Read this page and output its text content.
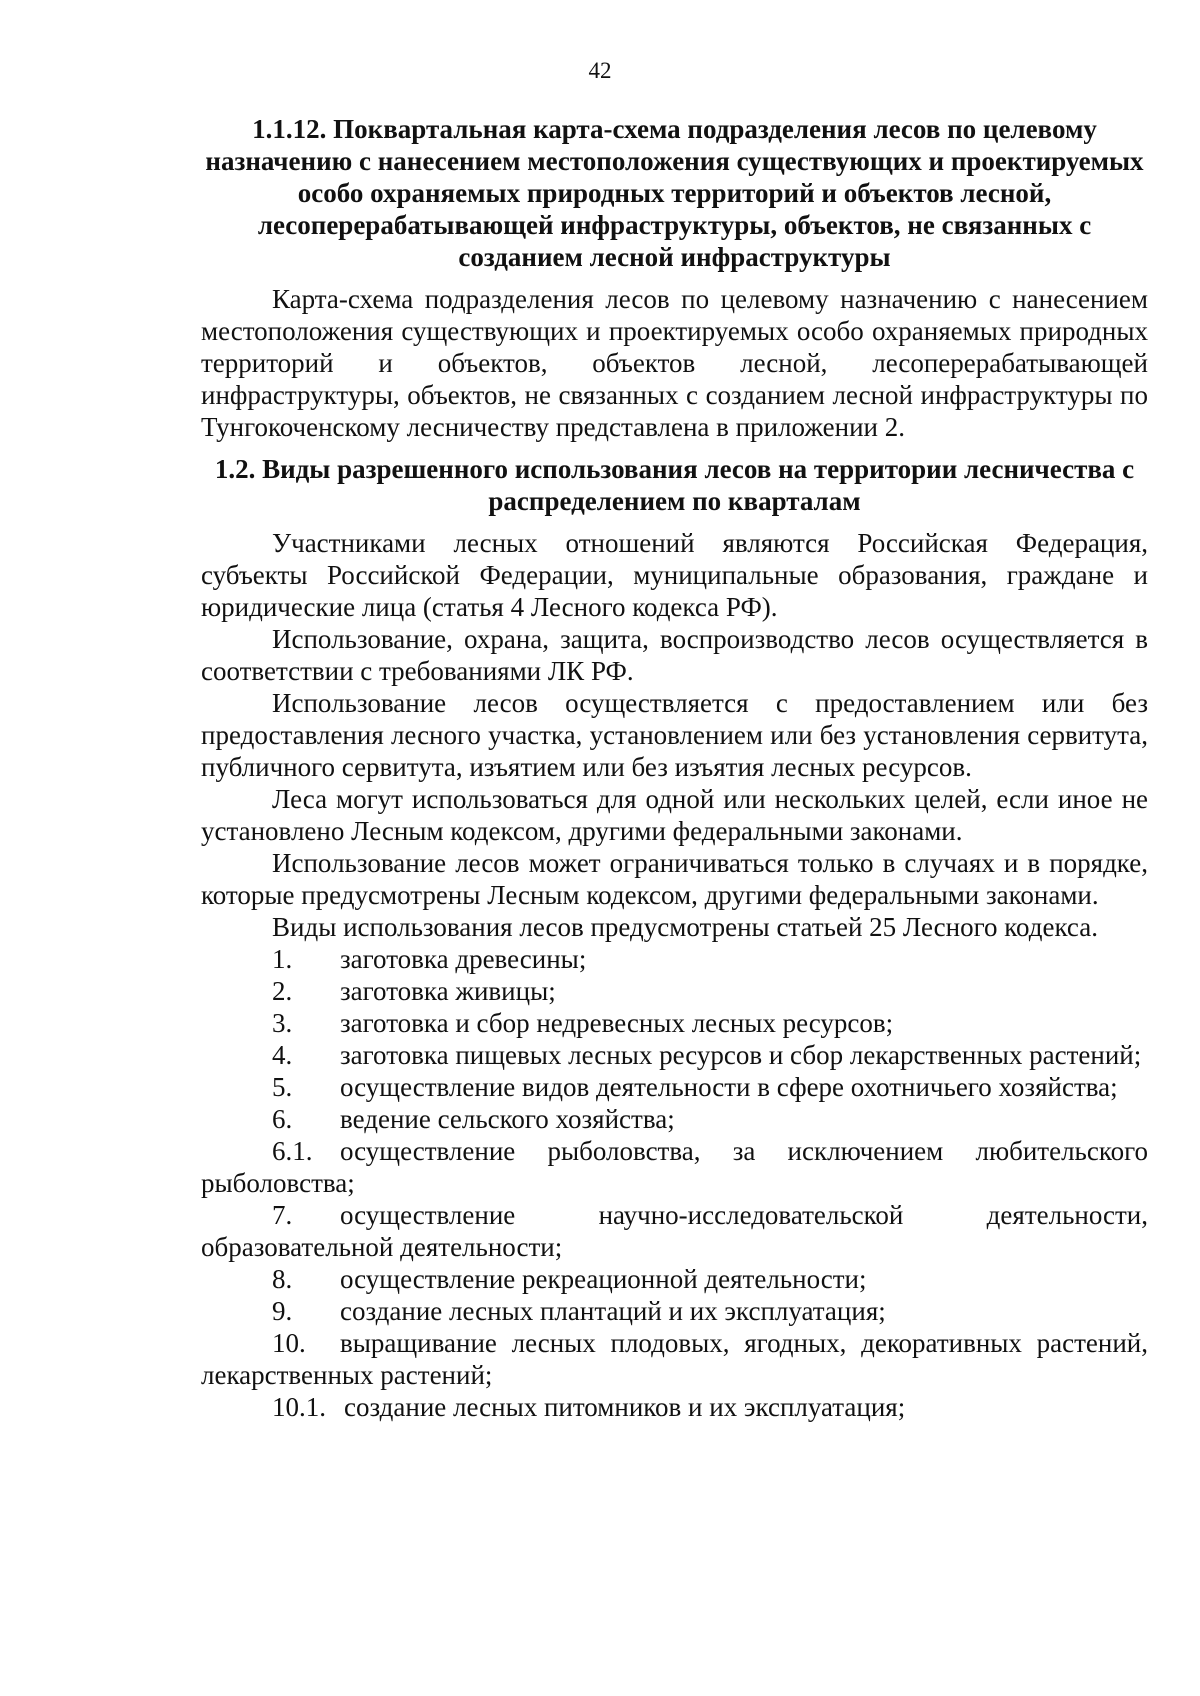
42
1.1.12. Поквартальная карта-схема подразделения лесов по целевому назначению с нанесением местоположения существующих и проектируемых особо охраняемых природных территорий и объектов лесной, лесоперерабатывающей инфраструктуры, объектов, не связанных с созданием лесной инфраструктуры

Карта-схема подразделения лесов по целевому назначению с нанесением местоположения существующих и проектируемых особо охраняемых природных территорий и объектов, объектов лесной, лесоперерабатывающей инфраструктуры, объектов, не связанных с созданием лесной инфраструктуры по Тунгокоченскому лесничеству представлена в приложении 2.

1.2. Виды разрешенного использования лесов на территории лесничества с распределением по кварталам

Участниками лесных отношений являются Российская Федерация, субъекты Российской Федерации, муниципальные образования, граждане и юридические лица (статья 4 Лесного кодекса РФ).

Использование, охрана, защита, воспроизводство лесов осуществляется в соответствии с требованиями ЛК РФ.

Использование лесов осуществляется с предоставлением или без предоставления лесного участка, установлением или без установления сервитута, публичного сервитута, изъятием или без изъятия лесных ресурсов.

Леса могут использоваться для одной или нескольких целей, если иное не установлено Лесным кодексом, другими федеральными законами.

Использование лесов может ограничиваться только в случаях и в порядке, которые предусмотрены Лесным кодексом, другими федеральными законами.

Виды использования лесов предусмотрены статьей 25 Лесного кодекса.

1. заготовка древесины;
2. заготовка живицы;
3. заготовка и сбор недревесных лесных ресурсов;
4. заготовка пищевых лесных ресурсов и сбор лекарственных растений;
5. осуществление видов деятельности в сфере охотничьего хозяйства;
6. ведение сельского хозяйства;
6.1. осуществление рыболовства, за исключением любительского рыболовства;
7. осуществление научно-исследовательской деятельности, образовательной деятельности;
8. осуществление рекреационной деятельности;
9. создание лесных плантаций и их эксплуатация;
10. выращивание лесных плодовых, ягодных, декоративных растений, лекарственных растений;
10.1. создание лесных питомников и их эксплуатация;
